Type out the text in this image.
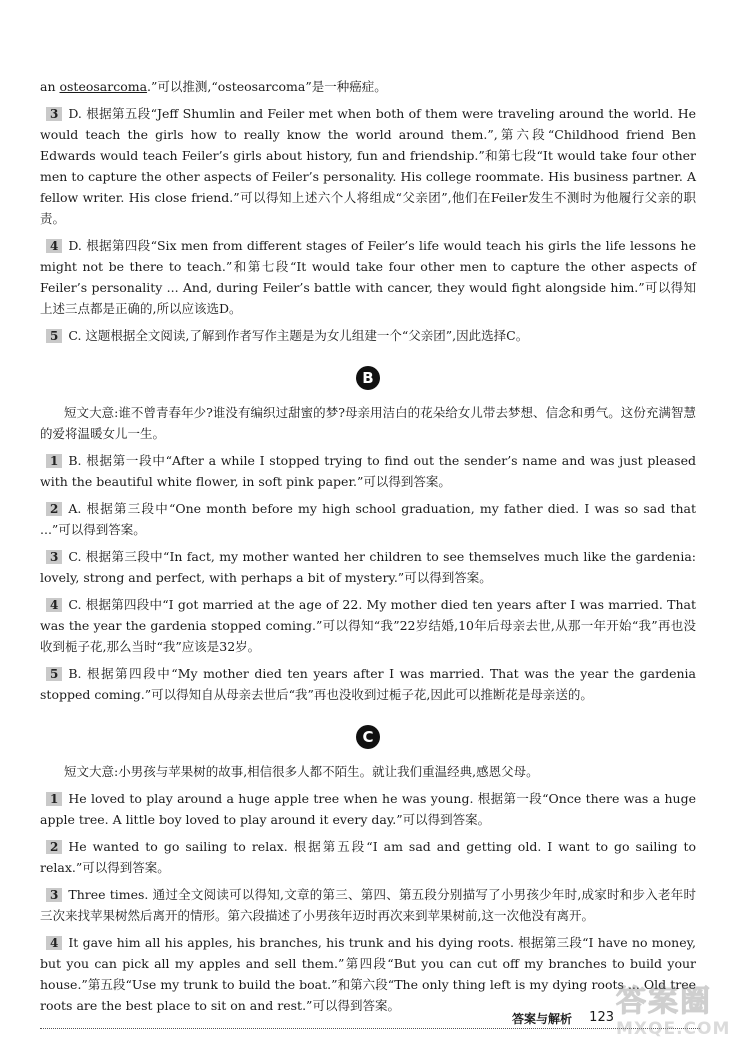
an osteosarcoma.”可以推测,“osteosarcoma”是一种癌症。

3 D. 根据第五段“Jeff Shumlin and Feiler met when both of them were traveling around the world. He would teach the girls how to really know the world around them.”,第六段“Childhood friend Ben Edwards would teach Feiler’s girls about history, fun and friendship.”和第七段“It would take four other men to capture the other aspects of Feiler’s personality. His college roommate. His business partner. A fellow writer. His close friend.”可以得知上述六个人将组成“父亲团”,他们在Feiler发生不测时为他履行父亲的职责。

4 D. 根据第四段“Six men from different stages of Feiler’s life would teach his girls the life lessons he might not be there to teach.”和第七段“It would take four other men to capture the other aspects of Feiler’s personality ... And, during Feiler’s battle with cancer, they would fight alongside him.”可以得知上述三点都是正确的,所以应该选D。

5 C. 这题根据全文阅读,了解到作者写作主题是为女儿组建一个“父亲团”,因此选择C。

B

短文大意:谁不曾青春年少?谁没有编织过甜蜜的梦?母亲用洁白的花朵给女儿带去梦想、信念和勇气。这份充满智慧的爱将温暖女儿一生。

1 B. 根据第一段中“After a while I stopped trying to find out the sender’s name and was just pleased with the beautiful white flower, in soft pink paper.”可以得到答案。

2 A. 根据第三段中“One month before my high school graduation, my father died. I was so sad that ...”可以得到答案。

3 C. 根据第三段中“In fact, my mother wanted her children to see themselves much like the gardenia: lovely, strong and perfect, with perhaps a bit of mystery.”可以得到答案。

4 C. 根据第四段中“I got married at the age of 22. My mother died ten years after I was married. That was the year the gardenia stopped coming.”可以得知“我”22岁结婚,10年后母亲去世,从那一年开始“我”再也没收到栀子花,那么当时“我”应该是32岁。

5 B. 根据第四段中“My mother died ten years after I was married. That was the year the gardenia stopped coming.”可以得知自从母亲去世后“我”再也没收到过栀子花,因此可以推断花是母亲送的。

C

短文大意:小男孩与苹果树的故事,相信很多人都不陌生。就让我们重温经典,感恩父母。

1 He loved to play around a huge apple tree when he was young. 根据第一段“Once there was a huge apple tree. A little boy loved to play around it every day.”可以得到答案。

2 He wanted to go sailing to relax. 根据第五段“I am sad and getting old. I want to go sailing to relax.”可以得到答案。

3 Three times. 通过全文阅读可以得知,文章的第三、第四、第五段分别描写了小男孩少年时,成家时和步入老年时三次来找苹果树然后离开的情形。第六段描述了小男孩年迈时再次来到苹果树前,这一次他没有离开。

4 It gave him all his apples, his branches, his trunk and his dying roots. 根据第三段“I have no money, but you can pick all my apples and sell them.”第四段“But you can cut off my branches to build your house.”第五段“Use my trunk to build the boat.”和第六段“The only thing left is my dying roots ... Old tree roots are the best place to sit on and rest.”可以得到答案。

答案与解析 123 答案圈
MXQE.COM
